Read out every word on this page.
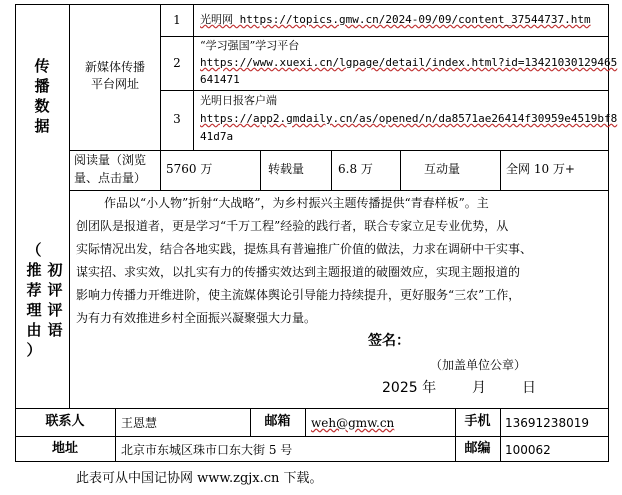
传
播
数
据
新媒体传播
平台网址
1	光明网 https://topics.gmw.cn/2024-09/09/content_37544737.htm
2
“学习强国”学习平台
https://www.xuexi.cn/lgpage/detail/index.html?id=13421030129465
641471
3
光明日报客户端
https://app2.gmdaily.cn/as/opened/n/da8571ae26414f30959e4519bf8
41d7a
阅读量（浏览
量、点击量）
5760 万	转载量	6.8 万	互动量	全网 10 万+
（
推
荐
理
由
）
初
评
评
语
作品以“小人物”折射“大战略”，为乡村振兴主题传播提供“青春样板”。主
创团队是报道者，更是学习“千万工程”经验的践行者，联合专家立足专业优势，从
实际情况出发，结合各地实践，提炼具有普遍推广价值的做法，力求在调研中干实事、
谋实招、求实效，以扎实有力的传播实效达到主题报道的破圈效应，实现主题报道的
影响力传播力开维进阶，使主流媒体舆论引导能力持续提升，更好服务“三农”工作，
为有力有效推进乡村全面振兴凝聚强大力量。
签名：
（加盖单位公章）
2025 年	月	日
联系人	王恩慧	邮箱	weh@gmw.cn	手机	13691238019
地址	北京市东城区珠市口东大街 5 号	邮编	100062
此表可从中国记协网 www.zgjx.cn 下载。
